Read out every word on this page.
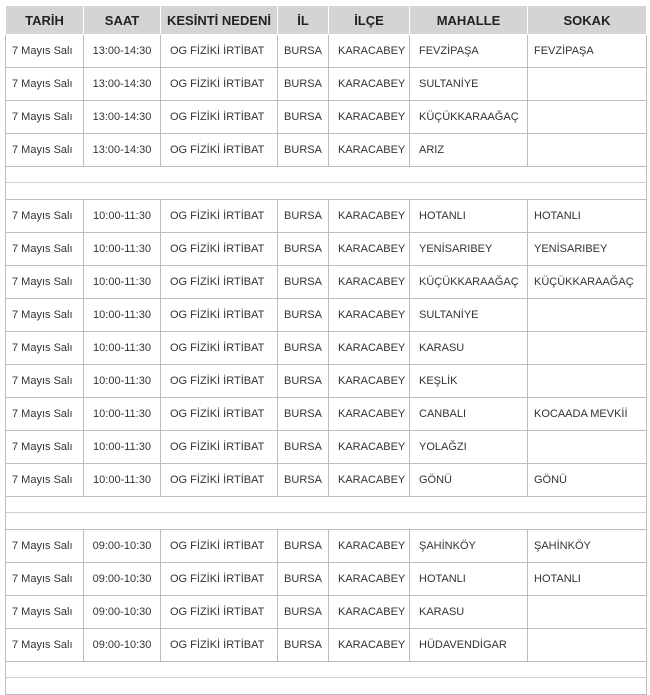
TARİH	SAAT	KESİNTİ NEDENİ	İL	İLÇE	MAHALLE	SOKAK
7 Mayıs Salı	13:00-14:30	OG FİZİKİ İRTİBAT	BURSA	KARACABEY	FEVZİPAŞA	FEVZİPAŞA
7 Mayıs Salı	13:00-14:30	OG FİZİKİ İRTİBAT	BURSA	KARACABEY	SULTANİYE	
7 Mayıs Salı	13:00-14:30	OG FİZİKİ İRTİBAT	BURSA	KARACABEY	KÜÇÜKKARAAĞAÇ	
7 Mayıs Salı	13:00-14:30	OG FİZİKİ İRTİBAT	BURSA	KARACABEY	ARIZ	

7 Mayıs Salı	10:00-11:30	OG FİZİKİ İRTİBAT	BURSA	KARACABEY	HOTANLI	HOTANLI
7 Mayıs Salı	10:00-11:30	OG FİZİKİ İRTİBAT	BURSA	KARACABEY	YENİSARIBEY	YENİSARIBEY
7 Mayıs Salı	10:00-11:30	OG FİZİKİ İRTİBAT	BURSA	KARACABEY	KÜÇÜKKARAAĞAÇ	KÜÇÜKKARAAĞAÇ
7 Mayıs Salı	10:00-11:30	OG FİZİKİ İRTİBAT	BURSA	KARACABEY	SULTANİYE	
7 Mayıs Salı	10:00-11:30	OG FİZİKİ İRTİBAT	BURSA	KARACABEY	KARASU	
7 Mayıs Salı	10:00-11:30	OG FİZİKİ İRTİBAT	BURSA	KARACABEY	KEŞLİK	
7 Mayıs Salı	10:00-11:30	OG FİZİKİ İRTİBAT	BURSA	KARACABEY	CANBALI	KOCAADA MEVKİİ
7 Mayıs Salı	10:00-11:30	OG FİZİKİ İRTİBAT	BURSA	KARACABEY	YOLAĞZI	
7 Mayıs Salı	10:00-11:30	OG FİZİKİ İRTİBAT	BURSA	KARACABEY	GÖNÜ	GÖNÜ

7 Mayıs Salı	09:00-10:30	OG FİZİKİ İRTİBAT	BURSA	KARACABEY	ŞAHİNKÖY	ŞAHİNKÖY
7 Mayıs Salı	09:00-10:30	OG FİZİKİ İRTİBAT	BURSA	KARACABEY	HOTANLI	HOTANLI
7 Mayıs Salı	09:00-10:30	OG FİZİKİ İRTİBAT	BURSA	KARACABEY	KARASU	
7 Mayıs Salı	09:00-10:30	OG FİZİKİ İRTİBAT	BURSA	KARACABEY	HÜDAVENDİGAR	
